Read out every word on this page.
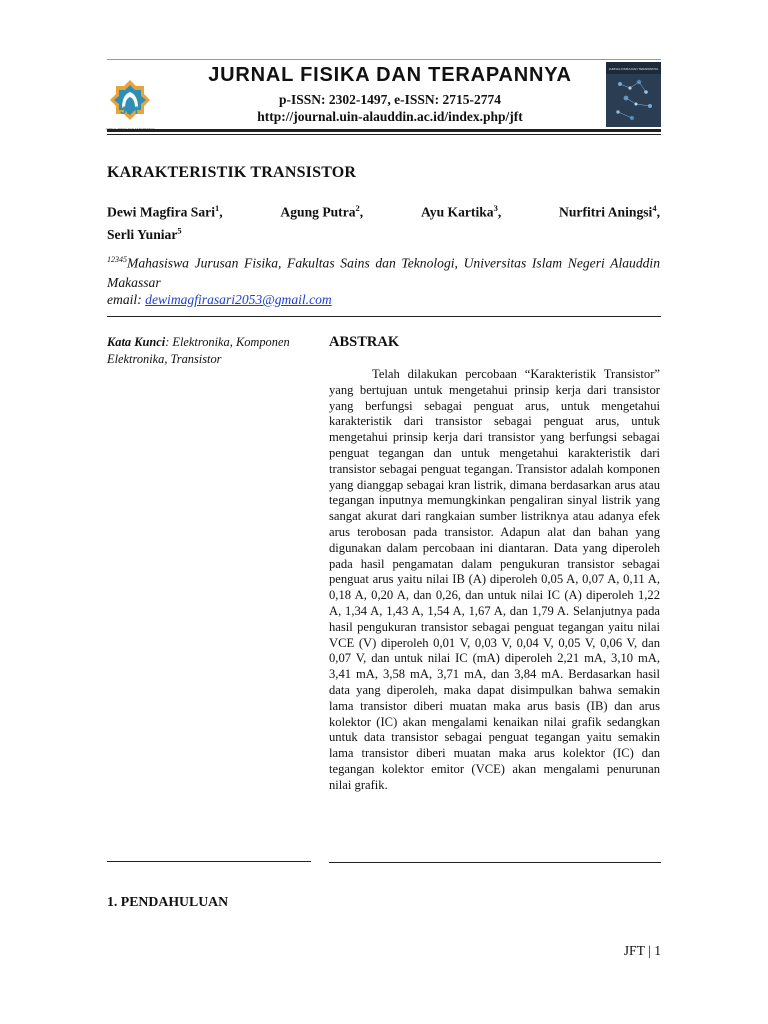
JFT
JURNAL FISIKA DAN TERAPANNYA
p-ISSN: 2302-1497, e-ISSN: 2715-2774
http://journal.uin-alauddin.ac.id/index.php/jft
JURNAL FISIKA DAN TERAPANNYA
KARAKTERISTIK TRANSISTOR
Dewi Magfira Sari$^1$,	Agung Putra$^2$,	Ayu Kartika$^3$,	Nurfitri Aningsi$^4$,
Serli Yuniar$^5$
$^{12345}$Mahasiswa Jurusan Fisika, Fakultas Sains dan Teknologi, Universitas Islam Negeri Alauddin Makassar
email: dewimagfirasari2053@gmail.com
Kata Kunci: Elektronika, Komponen Elektronika, Transistor
ABSTRAK
Telah dilakukan percobaan “Karakteristik Transistor” yang bertujuan untuk mengetahui prinsip kerja dari transistor yang berfungsi sebagai penguat arus, untuk mengetahui karakteristik dari transistor sebagai penguat arus, untuk mengetahui prinsip kerja dari transistor yang berfungsi sebagai penguat tegangan dan untuk mengetahui karakteristik dari transistor sebagai penguat tegangan. Transistor adalah komponen yang dianggap sebagai kran listrik, dimana berdasarkan arus atau tegangan inputnya memungkinkan pengaliran sinyal listrik yang sangat akurat dari rangkaian sumber listriknya atau adanya efek arus terobosan pada transistor. Adapun alat dan bahan yang digunakan dalam percobaan ini diantaran. Data yang diperoleh pada hasil pengamatan dalam pengukuran transistor sebagai penguat arus yaitu nilai IB (A) diperoleh 0,05 A, 0,07 A, 0,11 A, 0,18 A, 0,20 A, dan 0,26, dan untuk nilai IC (A) diperoleh 1,22 A, 1,34 A, 1,43 A, 1,54 A, 1,67 A, dan 1,79 A. Selanjutnya pada hasil pengukuran transistor sebagai penguat tegangan yaitu nilai VCE (V) diperoleh 0,01 V, 0,03 V, 0,04 V, 0,05 V, 0,06 V, dan 0,07 V, dan untuk nilai IC (mA) diperoleh 2,21 mA, 3,10 mA, 3,41 mA, 3,58 mA, 3,71 mA, dan 3,84 mA. Berdasarkan hasil data yang diperoleh, maka dapat disimpulkan bahwa semakin lama transistor diberi muatan maka arus basis (IB) dan arus kolektor (IC) akan mengalami kenaikan nilai grafik sedangkan untuk data transistor sebagai penguat tegangan yaitu semakin lama transistor diberi muatan maka arus kolektor (IC) dan tegangan kolektor emitor (VCE) akan mengalami penurunan nilai grafik.
1. PENDAHULUAN
JFT | 1
